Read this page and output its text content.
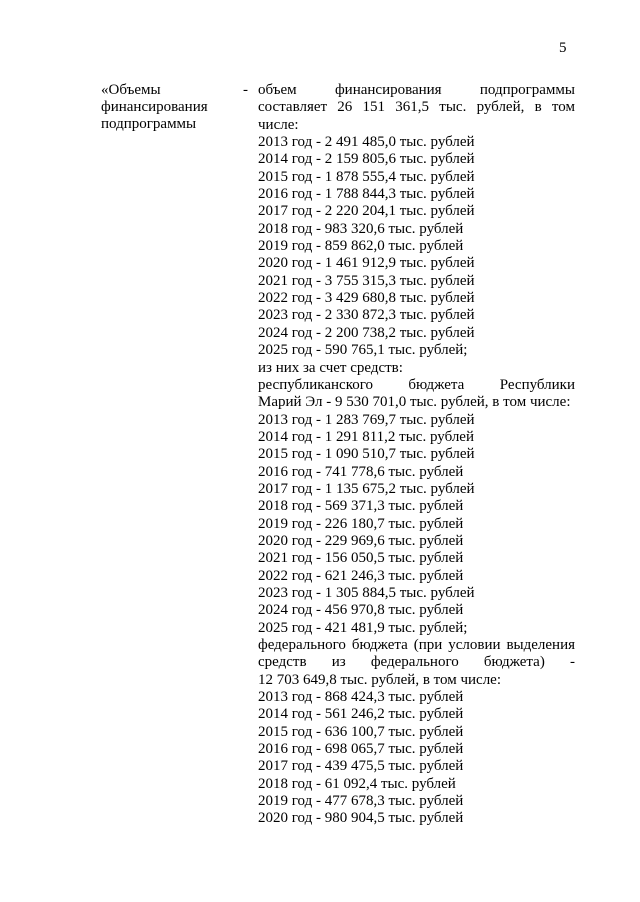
5
«Объемы
финансирования
подпрограммы
- объем финансирования подпрограммы
составляет 26 151 361,5 тыс. рублей, в том
числе:
2013 год - 2 491 485,0 тыс. рублей
2014 год - 2 159 805,6 тыс. рублей
2015 год - 1 878 555,4 тыс. рублей
2016 год - 1 788 844,3 тыс. рублей
2017 год - 2 220 204,1 тыс. рублей
2018 год - 983 320,6 тыс. рублей
2019 год - 859 862,0 тыс. рублей
2020 год - 1 461 912,9 тыс. рублей
2021 год - 3 755 315,3 тыс. рублей
2022 год - 3 429 680,8 тыс. рублей
2023 год - 2 330 872,3 тыс. рублей
2024 год - 2 200 738,2 тыс. рублей
2025 год - 590 765,1 тыс. рублей;
из них за счет средств:
республиканского бюджета Республики
Марий Эл - 9 530 701,0 тыс. рублей, в том числе:
2013 год - 1 283 769,7 тыс. рублей
2014 год - 1 291 811,2 тыс. рублей
2015 год - 1 090 510,7 тыс. рублей
2016 год - 741 778,6 тыс. рублей
2017 год - 1 135 675,2 тыс. рублей
2018 год - 569 371,3 тыс. рублей
2019 год - 226 180,7 тыс. рублей
2020 год - 229 969,6 тыс. рублей
2021 год - 156 050,5 тыс. рублей
2022 год - 621 246,3 тыс. рублей
2023 год - 1 305 884,5 тыс. рублей
2024 год - 456 970,8 тыс. рублей
2025 год - 421 481,9 тыс. рублей;
федерального бюджета (при условии выделения
средств из федерального бюджета) -
12 703 649,8 тыс. рублей, в том числе:
2013 год - 868 424,3 тыс. рублей
2014 год - 561 246,2 тыс. рублей
2015 год - 636 100,7 тыс. рублей
2016 год - 698 065,7 тыс. рублей
2017 год - 439 475,5 тыс. рублей
2018 год - 61 092,4 тыс. рублей
2019 год - 477 678,3 тыс. рублей
2020 год - 980 904,5 тыс. рублей
